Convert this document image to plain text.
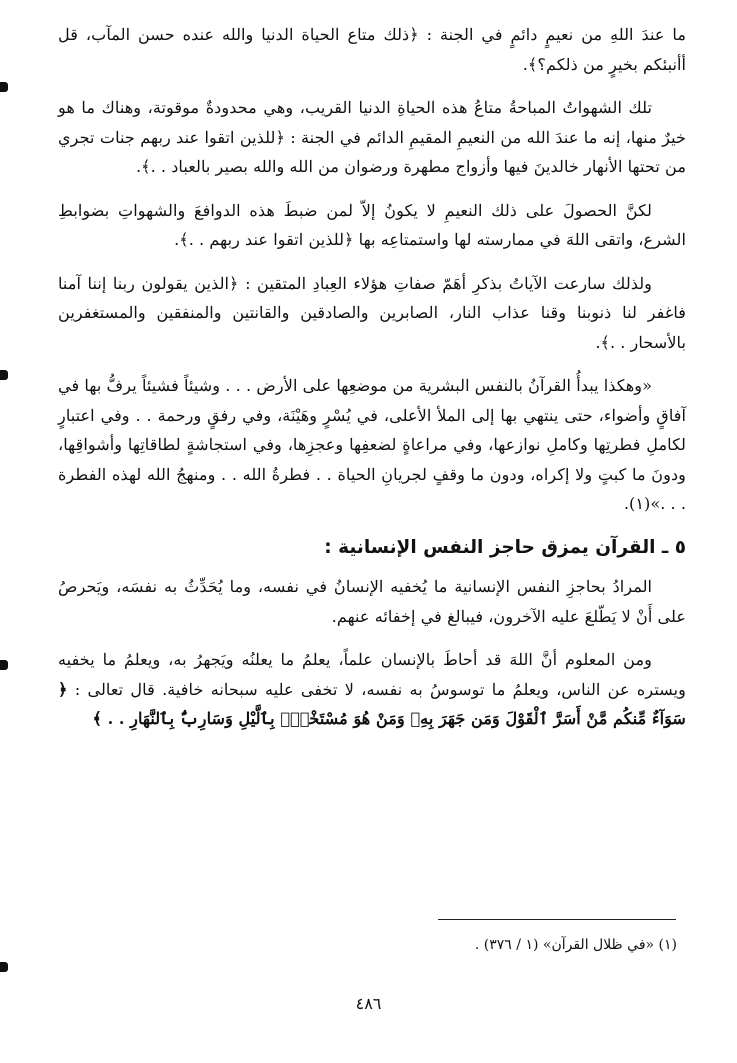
ما عندَ اللهِ من نعيمٍ دائمٍ في الجنة : ﴿ذلك متاع الحياة الدنيا والله عنده حسن المآب، قل أأنبئكم بخيرٍ من ذلكم؟﴾.

تلك الشهواتُ المباحةُ متاعُ هذه الحياةِ الدنيا القريب، وهي محدودةٌ موقوتة، وهناك ما هو خيرٌ منها، إنه ما عندَ الله من النعيمِ المقيمِ الدائم في الجنة : ﴿للذين اتقوا عند ربهم جنات تجري من تحتها الأنهار خالدينَ فيها وأزواج مطهرة ورضوان من الله والله بصير بالعباد . .﴾.

لكنَّ الحصولَ على ذلك النعيمِ لا يكونُ إلاّ لمن ضبطَ هذه الدوافعَ والشهواتِ بضوابطِ الشرع، واتقى اللهَ في ممارسته لها واستمتاعِه بها ﴿للذين اتقوا عند ربهم . .﴾.

ولذلك سارعت الآياتُ بذكرِ أهَمّ صفاتِ هؤلاء العِبادِ المتقين : ﴿الذين يقولون ربنا إننا آمنا فاغفر لنا ذنوبنا وقنا عذاب النار، الصابرين والصادقين والقانتين والمنفقين والمستغفرين بالأسحار . .﴾.

«وهكذا يبدأُ القرآنُ بالنفس البشرية من موضعِها على الأرض . . . وشيئاً فشيئاً يرفُّ بها في آفاقٍ وأضواء، حتى ينتهي بها إلى الملأ الأعلى، في يُسْرٍ وهَيْنَة، وفي رفقٍ ورحمة . . وفي اعتبارٍ لكاملِ فطرتِها وكاملِ نوازعها، وفي مراعاةٍ لضعفِها وعجزِها، وفي استجاشةٍ لطاقاتِها وأشواقِها، ودونَ ما كبتٍ ولا إكراه، ودون ما وقفٍ لجريانِ الحياة . . فطرةُ الله . . ومنهجُ الله لهذه الفطرة . . .»(١).

٥ ـ القرآن يمزق حاجز النفس الإنسانية :

المرادُ بحاجزِ النفس الإنسانية ما يُخفيه الإنسانُ في نفسه، وما يُحَدِّثُ به نفسَه، ويَحرصُ على أَنْ لا يَطّلعَ عليه الآخرون، فيبالغ في إخفائه عنهم.

ومن المعلوم أنَّ اللهَ قد أحاطَ بالإنسان علماً، يعلمُ ما يعلنُه ويَجهرُ به، ويعلمُ ما يخفيه ويستره عن الناس، ويعلمُ ما توسوسُ به نفسه، لا تخفى عليه سبحانه خافية. قال تعالى : ﴿ سَوَآءٌ مِّنكُم مَّنْ أَسَرَّ ٱلْقَوْلَ وَمَن جَهَرَ بِهِۦ وَمَنْ هُوَ مُسْتَخْفٍۭ بِٱلَّيْلِ وَسَارِبٌۢ بِٱلنَّهَارِ . . ﴾

(١) «في ظلال القرآن» (١ / ٣٧٦) .
٤٨٦
